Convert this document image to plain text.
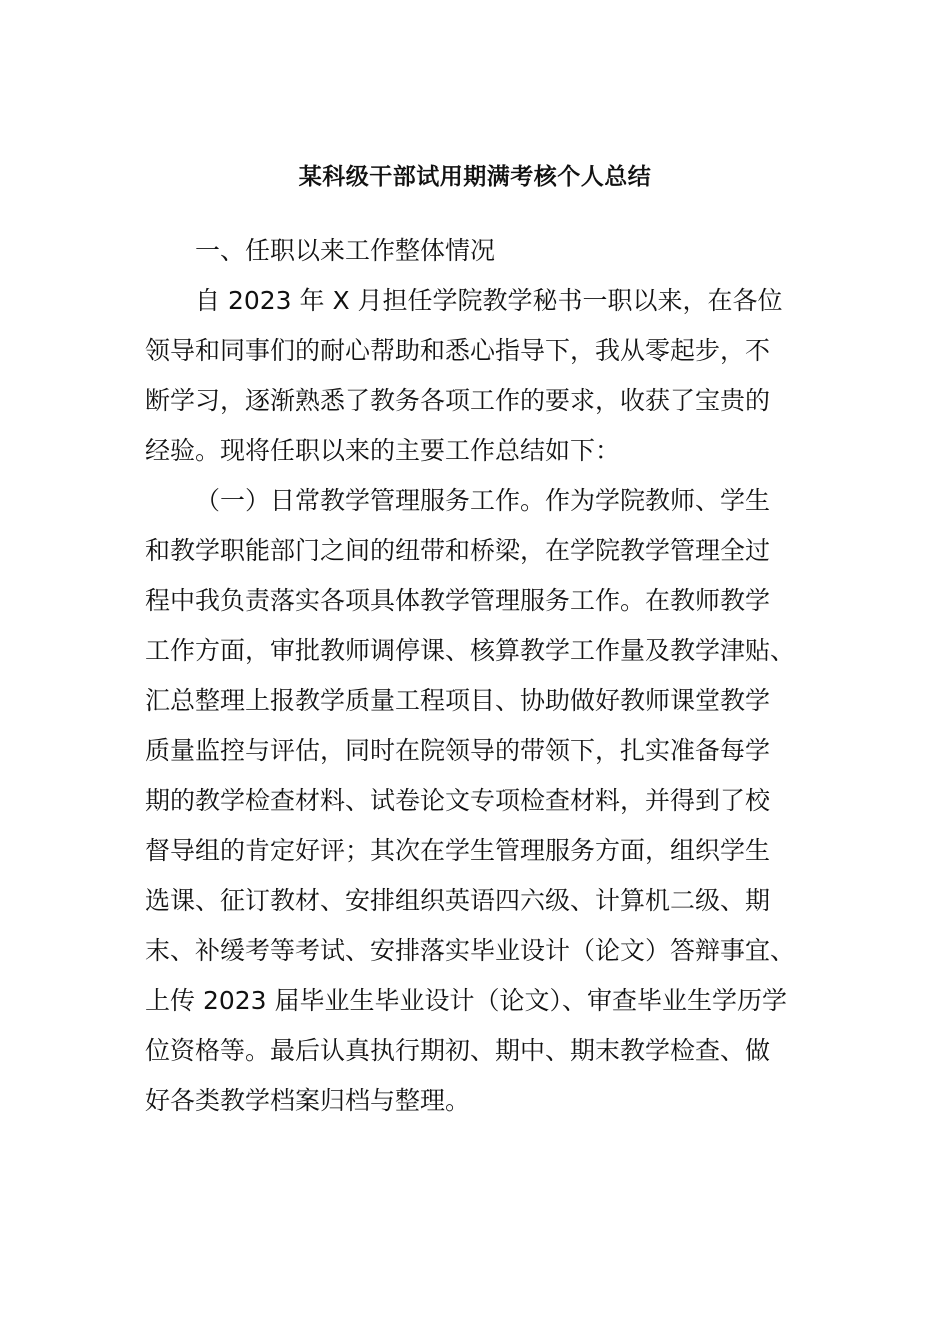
某科级干部试用期满考核个人总结
一、任职以来工作整体情况
自 2023 年 X 月担任学院教学秘书一职以来，在各位
领导和同事们的耐心帮助和悉心指导下，我从零起步，不
断学习，逐渐熟悉了教务各项工作的要求，收获了宝贵的
经验。现将任职以来的主要工作总结如下：
（一）日常教学管理服务工作。作为学院教师、学生
和教学职能部门之间的纽带和桥梁，在学院教学管理全过
程中我负责落实各项具体教学管理服务工作。在教师教学
工作方面，审批教师调停课、核算教学工作量及教学津贴、
汇总整理上报教学质量工程项目、协助做好教师课堂教学
质量监控与评估，同时在院领导的带领下，扎实准备每学
期的教学检查材料、试卷论文专项检查材料，并得到了校
督导组的肯定好评；其次在学生管理服务方面，组织学生
选课、征订教材、安排组织英语四六级、计算机二级、期
末、补缓考等考试、安排落实毕业设计（论文）答辩事宜、
上传 2023 届毕业生毕业设计（论文）、审查毕业生学历学
位资格等。最后认真执行期初、期中、期末教学检查、做
好各类教学档案归档与整理。
